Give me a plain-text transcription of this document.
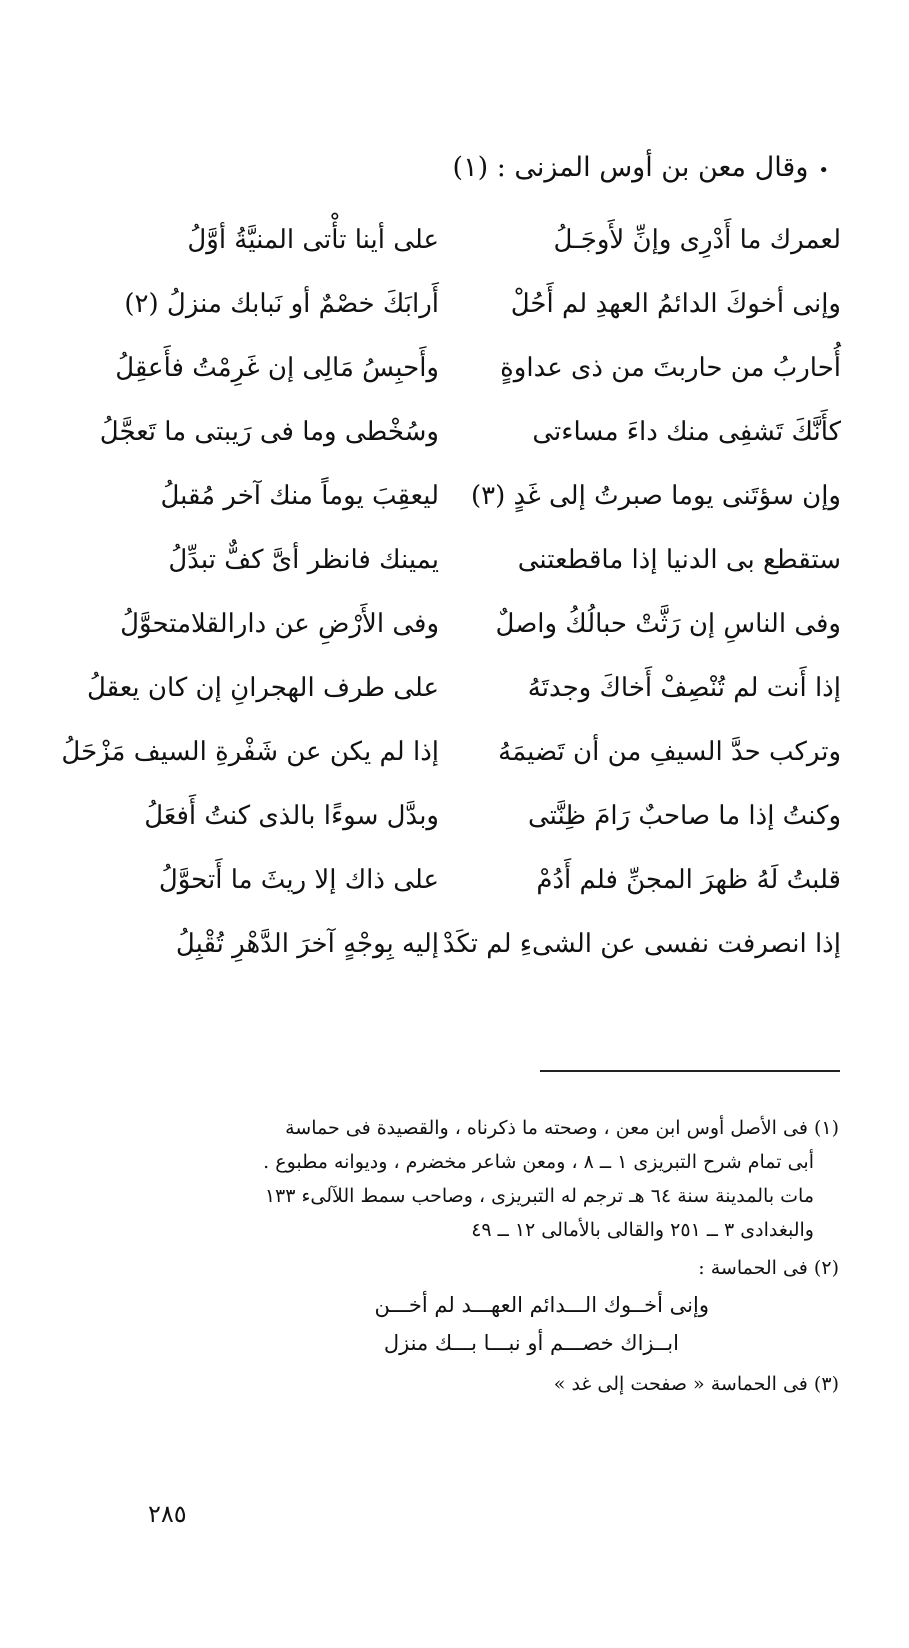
•وقال معن بن أوس المزنى : (١)
لعمرك ما أَدْرِى وإنِّ لأَوجَـلُ
على أينا تأْتى المنيَّةُ أوَّلُ
وإنى أخوكَ الدائمُ العهدِ لم أَحُلْ
أَرابَكَ خصْمٌ أو نَبابك منزلُ (٢)
أُحاربُ من حاربتَ من ذى عداوةٍ
وأَحبِسُ مَالِى إن غَرِمْتُ فأَعقِلُ
كأَنَّكَ تَشفِى منك داءَ مساءتى
وسُخْطى وما فى رَيبتى ما تَعجَّلُ
وإن سؤتَنى يوما صبرتُ إلى غَدٍ (٣)
ليعقِبَ يوماً منك آخر مُقبلُ
ستقطع بى الدنيا إذا ماقطعتنى
يمينك فانظر أىَّ كفٌّ تبدِّلُ
وفى الناسِ إن رَثَّتْ حبالُكُ واصلٌ
وفى الأَرْضِ عن دارالقلامتحوَّلُ
إذا أَنت لم تُنْصِفْ أَخاكَ وجدتَهُ
على طرف الهجرانِ إن كان يعقلُ
وتركب حدَّ السيفِ من أن تَضيمَهُ
إذا لم يكن عن شَفْرةِ السيف مَزْحَلُ
وكنتُ إذا ما صاحبٌ رَامَ ظِنَّتى
وبدَّل سوءًا بالذى كنتُ أَفعَلُ
قلبتُ لَهُ ظهرَ المجنِّ فلم أَدُمْ
على ذاك إلا ريثَ ما أَتحوَّلُ
إذا انصرفت نفسى عن الشىءِ لم تكَدْ
إليه بِوجْهٍ آخرَ الدَّهْرِ تُقْبِلُ
(١) فى الأصل أوس ابن معن ، وصحته ما ذكرناه ، والقصيدة فى حماسة
أبى تمام شرح التبريزى ١ ــ ٨ ، ومعن شاعر مخضرم ، وديوانه مطبوع .
مات بالمدينة سنة ٦٤ هـ ترجم له التبريزى ، وصاحب سمط اللآلىء ١٣٣
والبغدادى ٣ ــ ٢٥١ والقالى بالأمالى ١٢ ــ ٤٩
(٢) فى الحماسة :
وإنى أخــوك الـــدائم العهـــد لم أخـــن
ابــزاك خصـــم أو نبـــا بـــك منزل
(٣) فى الحماسة « صفحت إلى غد »
٢٨٥
